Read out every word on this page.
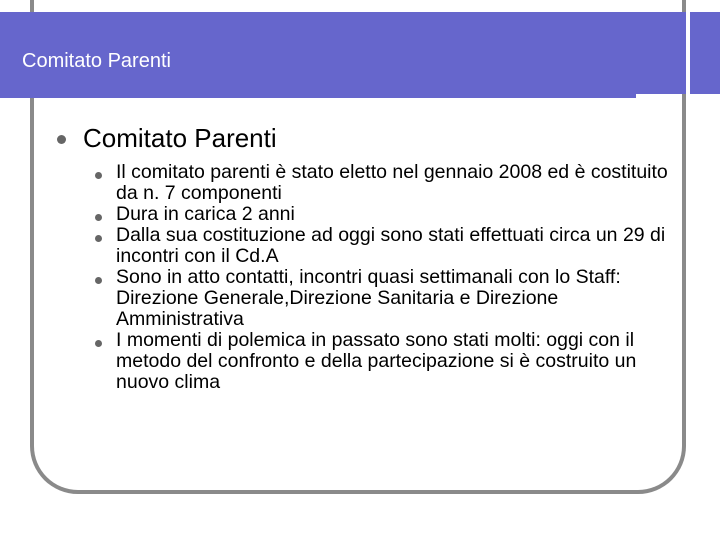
Comitato Parenti
Comitato Parenti
Il comitato parenti è stato eletto nel gennaio 2008 ed è costituito da n. 7 componenti
Dura in carica 2 anni
Dalla sua costituzione ad oggi sono stati effettuati circa un 29 di incontri con il Cd.A
Sono in atto contatti, incontri quasi settimanali con lo Staff: Direzione Generale,Direzione Sanitaria e Direzione Amministrativa
I momenti di polemica in passato sono stati molti: oggi con il metodo del confronto e della partecipazione si è costruito un nuovo clima
